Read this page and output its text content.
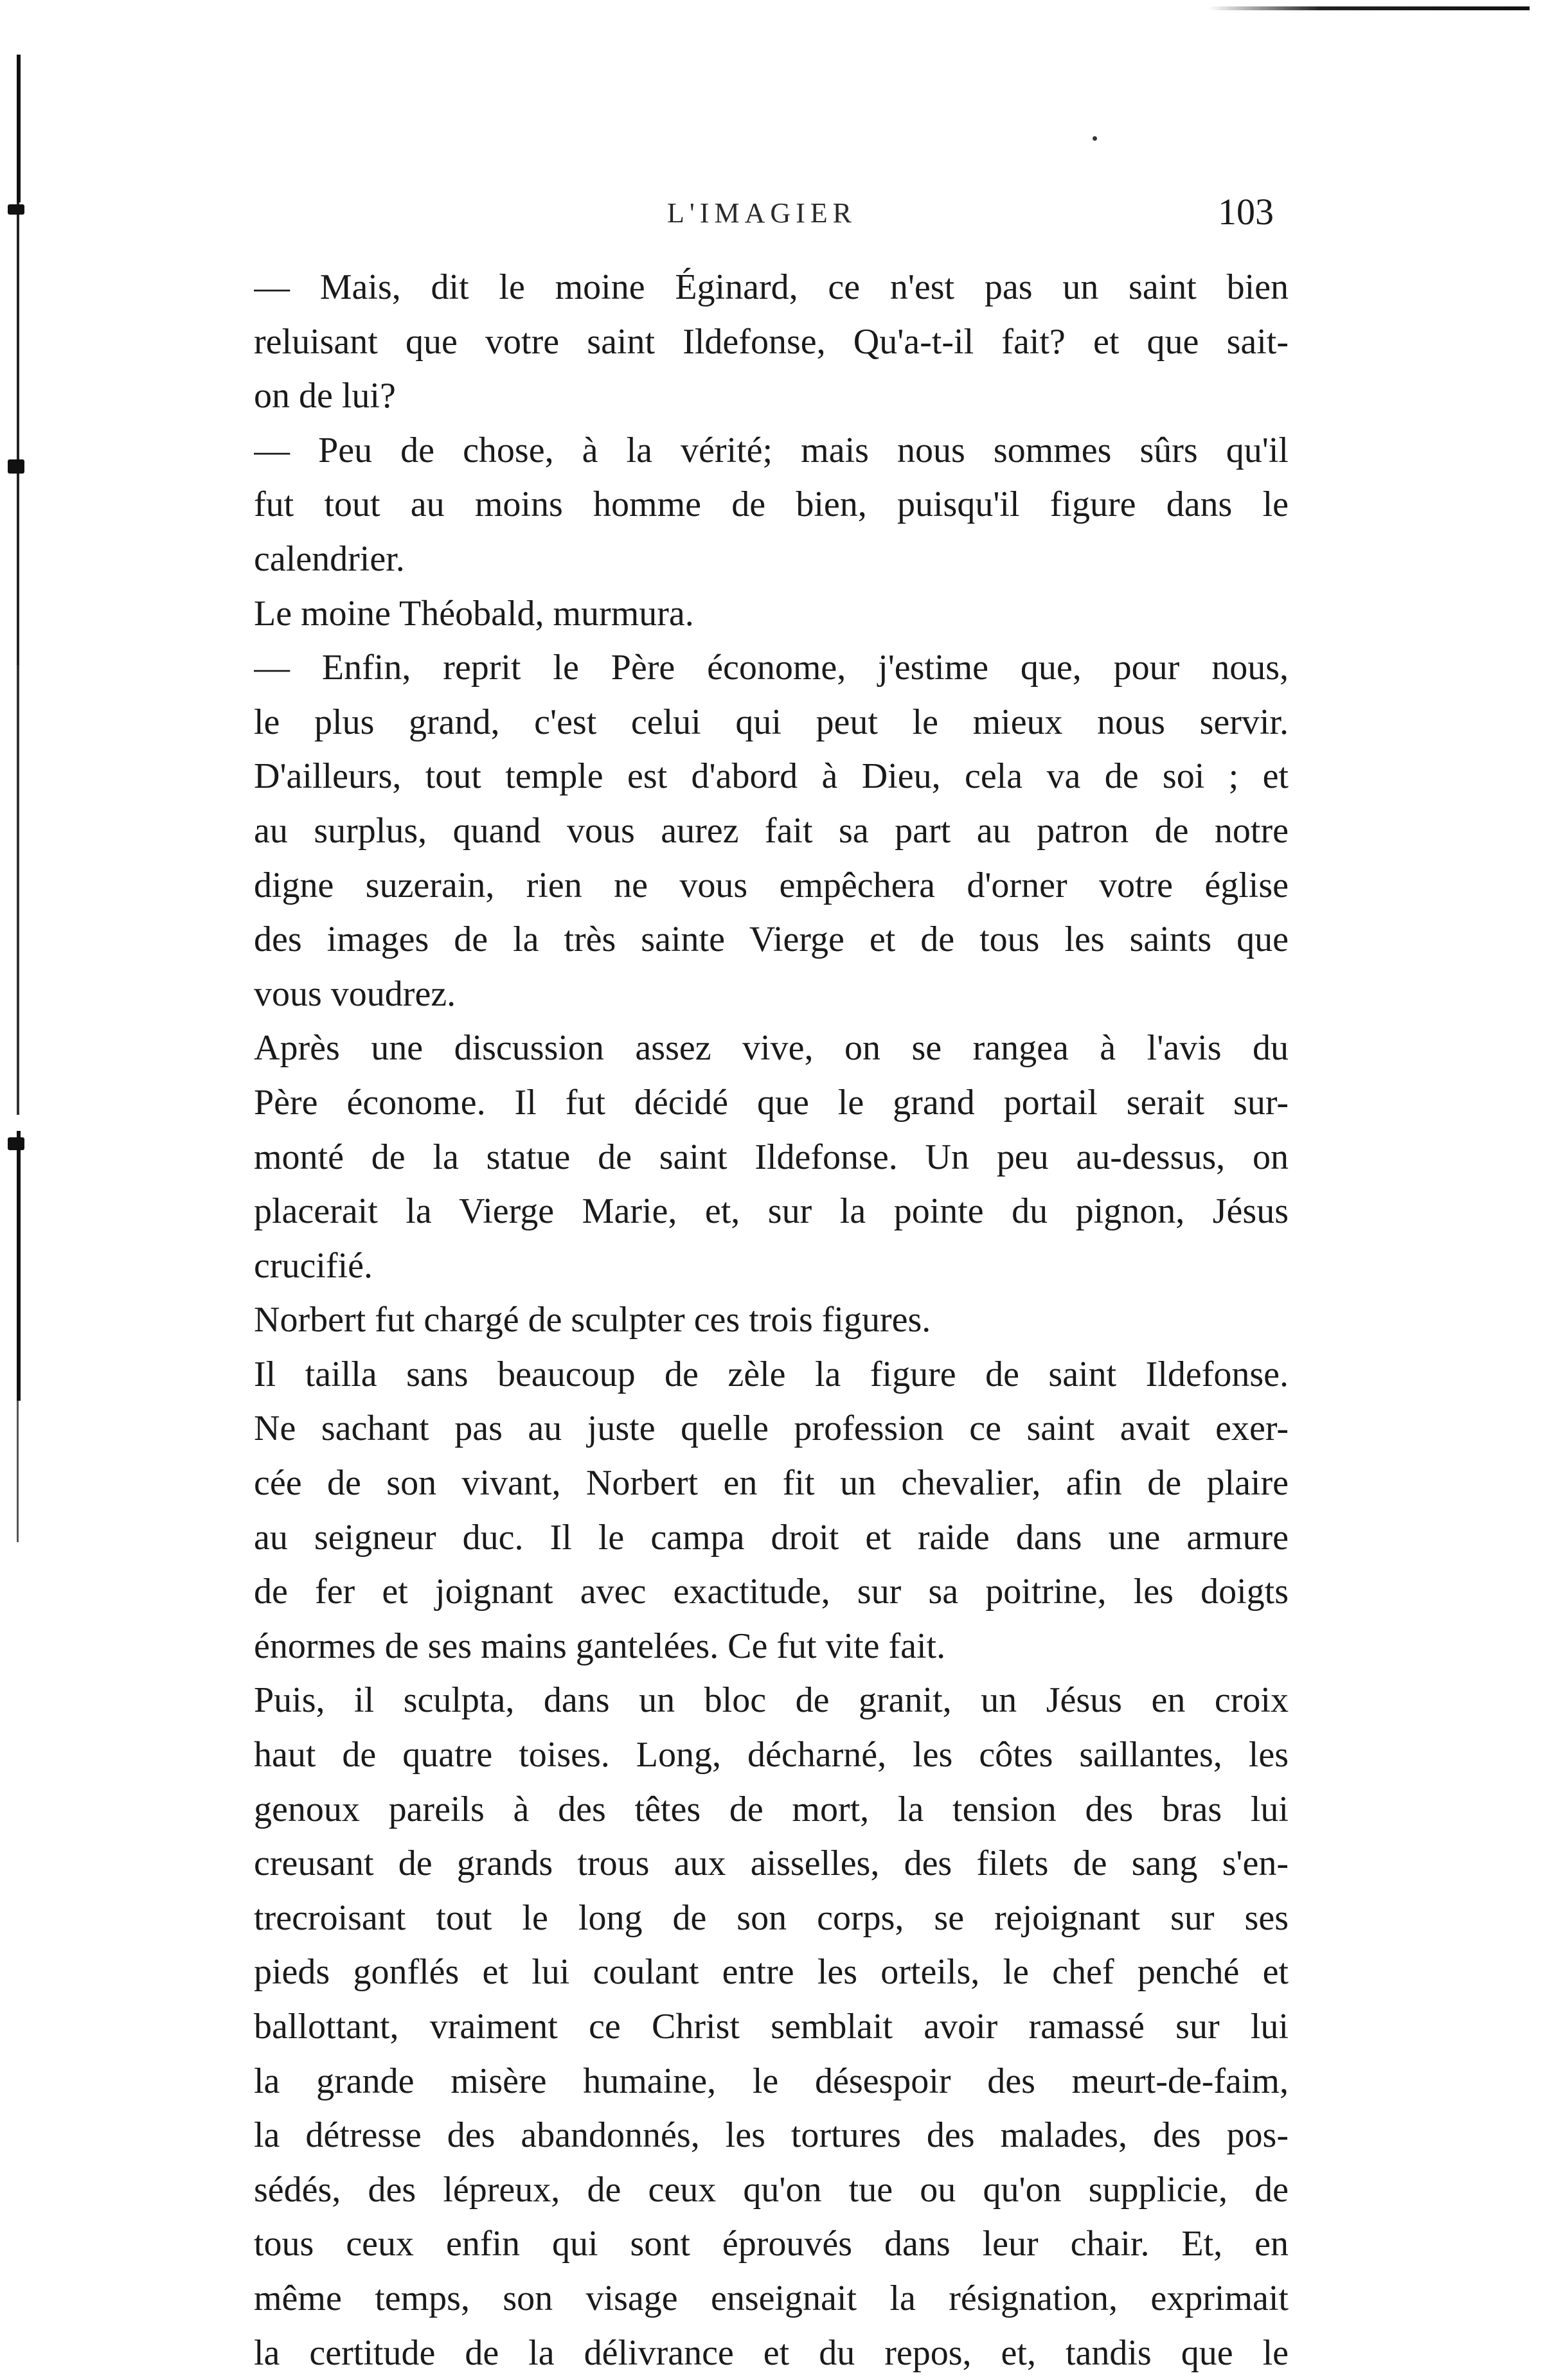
L'IMAGIER	103
— Mais, dit le moine Éginard, ce n'est pas un saint bien
reluisant que votre saint Ildefonse, Qu'a-t-il fait? et que sait-
on de lui?
— Peu de chose, à la vérité; mais nous sommes sûrs qu'il
fut tout au moins homme de bien, puisqu'il figure dans le
calendrier.
Le moine Théobald, murmura.
— Enfin, reprit le Père économe, j'estime que, pour nous,
le plus grand, c'est celui qui peut le mieux nous servir.
D'ailleurs, tout temple est d'abord à Dieu, cela va de soi ; et
au surplus, quand vous aurez fait sa part au patron de notre
digne suzerain, rien ne vous empêchera d'orner votre église
des images de la très sainte Vierge et de tous les saints que
vous voudrez.
Après une discussion assez vive, on se rangea à l'avis du
Père économe. Il fut décidé que le grand portail serait sur-
monté de la statue de saint Ildefonse. Un peu au-dessus, on
placerait la Vierge Marie, et, sur la pointe du pignon, Jésus
crucifié.
Norbert fut chargé de sculpter ces trois figures.
Il tailla sans beaucoup de zèle la figure de saint Ildefonse.
Ne sachant pas au juste quelle profession ce saint avait exer-
cée de son vivant, Norbert en fit un chevalier, afin de plaire
au seigneur duc. Il le campa droit et raide dans une armure
de fer et joignant avec exactitude, sur sa poitrine, les doigts
énormes de ses mains gantelées. Ce fut vite fait.
Puis, il sculpta, dans un bloc de granit, un Jésus en croix
haut de quatre toises. Long, décharné, les côtes saillantes, les
genoux pareils à des têtes de mort, la tension des bras lui
creusant de grands trous aux aisselles, des filets de sang s'en-
trecroisant tout le long de son corps, se rejoignant sur ses
pieds gonflés et lui coulant entre les orteils, le chef penché et
ballottant, vraiment ce Christ semblait avoir ramassé sur lui
la grande misère humaine, le désespoir des meurt-de-faim,
la détresse des abandonnés, les tortures des malades, des pos-
sédés, des lépreux, de ceux qu'on tue ou qu'on supplicie, de
tous ceux enfin qui sont éprouvés dans leur chair. Et, en
même temps, son visage enseignait la résignation, exprimait
la certitude de la délivrance et du repos, et, tandis que le
